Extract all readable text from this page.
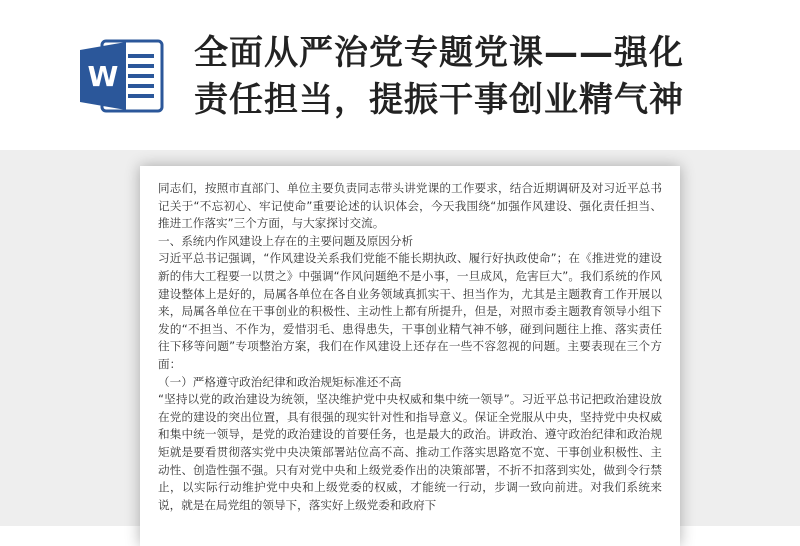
W
全面从严治党专题党课——强化
责任担当，提振干事创业精气神

同志们，按照市直部门、单位主要负责同志带头讲党课的工作要求，结合近期调研及对习近平总书记关于“不忘初心、牢记使命”重要论述的认识体会，今天我围绕“加强作风建设、强化责任担当、推进工作落实”三个方面，与大家探讨交流。

一、系统内作风建设上存在的主要问题及原因分析

习近平总书记强调，“作风建设关系我们党能不能长期执政、履行好执政使命”；在《推进党的建设新的伟大工程要一以贯之》中强调“作风问题绝不是小事，一旦成风，危害巨大”。我们系统的作风建设整体上是好的，局属各单位在各自业务领域真抓实干、担当作为，尤其是主题教育工作开展以来，局属各单位在干事创业的积极性、主动性上都有所提升，但是，对照市委主题教育领导小组下发的“不担当、不作为，爱惜羽毛、患得患失，干事创业精气神不够，碰到问题往上推、落实责任往下移等问题”专项整治方案，我们在作风建设上还存在一些不容忽视的问题。主要表现在三个方面：

（一）严格遵守政治纪律和政治规矩标准还不高

“坚持以党的政治建设为统领，坚决维护党中央权威和集中统一领导”。习近平总书记把政治建设放在党的建设的突出位置，具有很强的现实针对性和指导意义。保证全党服从中央，坚持党中央权威和集中统一领导，是党的政治建设的首要任务，也是最大的政治。讲政治、遵守政治纪律和政治规矩就是要看贯彻落实党中央决策部署站位高不高、推动工作落实思路宽不宽、干事创业积极性、主动性、创造性强不强。只有对党中央和上级党委作出的决策部署，不折不扣落到实处，做到令行禁止，以实际行动维护党中央和上级党委的权威，才能统一行动，步调一致向前进。对我们系统来说，就是在局党组的领导下，落实好上级党委和政府下
